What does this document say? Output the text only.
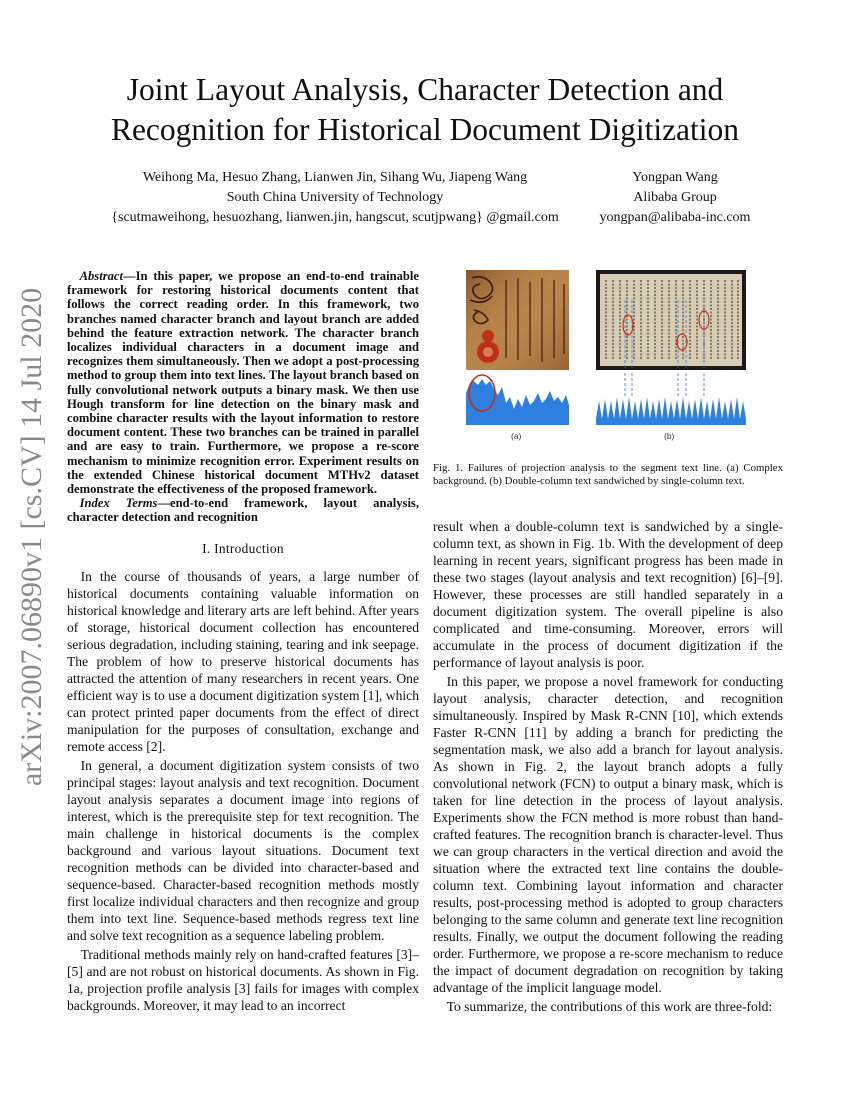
arXiv:2007.06890v1 [cs.CV] 14 Jul 2020
Joint Layout Analysis, Character Detection and
Recognition for Historical Document Digitization
Weihong Ma, Hesuo Zhang, Lianwen Jin, Sihang Wu, Jiapeng Wang
South China University of Technology
{scutmaweihong, hesuozhang, lianwen.jin, hangscut, scutjpwang} @gmail.com
Yongpan Wang
Alibaba Group
yongpan@alibaba-inc.com

Abstract—In this paper, we propose an end-to-end trainable framework for restoring historical documents content that follows the correct reading order. In this framework, two branches named character branch and layout branch are added behind the feature extraction network. The character branch localizes individual characters in a document image and recognizes them simultaneously. Then we adopt a post-processing method to group them into text lines. The layout branch based on fully convolutional network outputs a binary mask. We then use Hough transform for line detection on the binary mask and combine character results with the layout information to restore document content. These two branches can be trained in parallel and are easy to train. Furthermore, we propose a re-score mechanism to minimize recognition error. Experiment results on the extended Chinese historical document MTHv2 dataset demonstrate the effectiveness of the proposed framework.

Index Terms—end-to-end framework, layout analysis, character detection and recognition

I. Introduction

In the course of thousands of years, a large number of historical documents containing valuable information on historical knowledge and literary arts are left behind. After years of storage, historical document collection has encountered serious degradation, including staining, tearing and ink seepage. The problem of how to preserve historical documents has attracted the attention of many researchers in recent years. One efficient way is to use a document digitization system [1], which can protect printed paper documents from the effect of direct manipulation for the purposes of consultation, exchange and remote access [2].

In general, a document digitization system consists of two principal stages: layout analysis and text recognition. Document layout analysis separates a document image into regions of interest, which is the prerequisite step for text recognition. The main challenge in historical documents is the complex background and various layout situations. Document text recognition methods can be divided into character-based and sequence-based. Character-based recognition methods mostly first localize individual characters and then recognize and group them into text line. Sequence-based methods regress text line and solve text recognition as a sequence labeling problem.

Traditional methods mainly rely on hand-crafted features [3]–[5] and are not robust on historical documents. As shown in Fig. 1a, projection profile analysis [3] fails for images with complex backgrounds. Moreover, it may lead to an incorrect

(a)	(b)
Fig. 1. Failures of projection analysis to the segment text line. (a) Complex background. (b) Double-column text sandwiched by single-column text.

result when a double-column text is sandwiched by a single-column text, as shown in Fig. 1b. With the development of deep learning in recent years, significant progress has been made in these two stages (layout analysis and text recognition) [6]–[9]. However, these processes are still handled separately in a document digitization system. The overall pipeline is also complicated and time-consuming. Moreover, errors will accumulate in the process of document digitization if the performance of layout analysis is poor.

In this paper, we propose a novel framework for conducting layout analysis, character detection, and recognition simultaneously. Inspired by Mask R-CNN [10], which extends Faster R-CNN [11] by adding a branch for predicting the segmentation mask, we also add a branch for layout analysis. As shown in Fig. 2, the layout branch adopts a fully convolutional network (FCN) to output a binary mask, which is taken for line detection in the process of layout analysis. Experiments show the FCN method is more robust than hand-crafted features. The recognition branch is character-level. Thus we can group characters in the vertical direction and avoid the situation where the extracted text line contains the double-column text. Combining layout information and character results, post-processing method is adopted to group characters belonging to the same column and generate text line recognition results. Finally, we output the document following the reading order. Furthermore, we propose a re-score mechanism to reduce the impact of document degradation on recognition by taking advantage of the implicit language model.

To summarize, the contributions of this work are three-fold:
